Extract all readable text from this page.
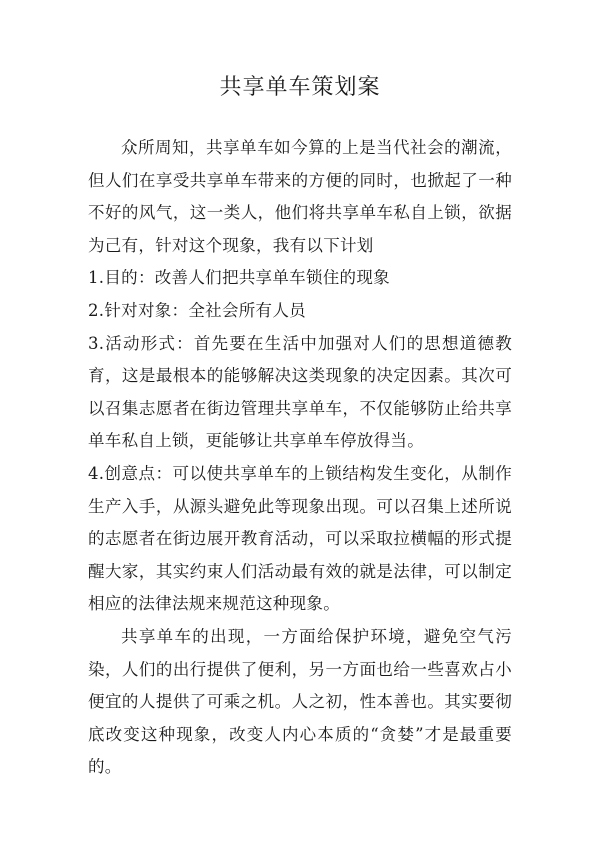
共享单车策划案

众所周知，共享单车如今算的上是当代社会的潮流，但人们在享受共享单车带来的方便的同时，也掀起了一种不好的风气，这一类人，他们将共享单车私自上锁，欲据为己有，针对这个现象，我有以下计划

1.目的：改善人们把共享单车锁住的现象

2.针对对象：全社会所有人员

3.活动形式：首先要在生活中加强对人们的思想道德教育，这是最根本的能够解决这类现象的决定因素。其次可以召集志愿者在街边管理共享单车，不仅能够防止给共享单车私自上锁，更能够让共享单车停放得当。

4.创意点：可以使共享单车的上锁结构发生变化，从制作生产入手，从源头避免此等现象出现。可以召集上述所说的志愿者在街边展开教育活动，可以采取拉横幅的形式提醒大家，其实约束人们活动最有效的就是法律，可以制定相应的法律法规来规范这种现象。

共享单车的出现，一方面给保护环境，避免空气污染，人们的出行提供了便利，另一方面也给一些喜欢占小便宜的人提供了可乘之机。人之初，性本善也。其实要彻底改变这种现象，改变人内心本质的“贪婪”才是最重要的。
